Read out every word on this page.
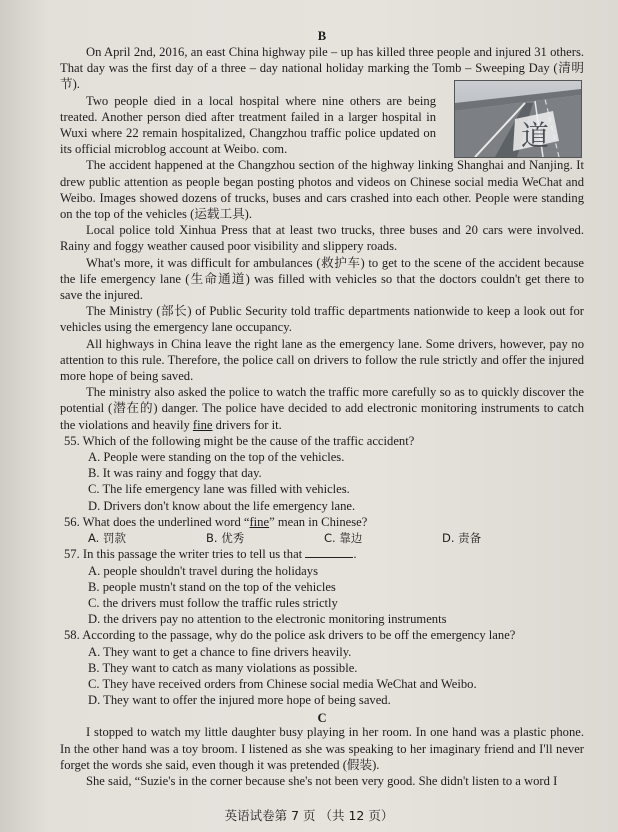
B

On April 2nd, 2016, an east China highway pile – up has killed three people and injured 31 others. That day was the first day of a three – day national holiday marking the Tomb – Sweeping Day (清明节).

Two people died in a local hospital where nine others are being treated. Another person died after treatment failed in a larger hospital in Wuxi where 22 remain hospitalized, Changzhou traffic police updated on its official microblog account at Weibo. com.

The accident happened at the Changzhou section of the highway linking Shanghai and Nanjing. It drew public attention as people began posting photos and videos on Chinese social media WeChat and Weibo. Images showed dozens of trucks, buses and cars crashed into each other. People were standing on the top of the vehicles (运载工具).

Local police told Xinhua Press that at least two trucks, three buses and 20 cars were involved. Rainy and foggy weather caused poor visibility and slippery roads.

What's more, it was difficult for ambulances (救护车) to get to the scene of the accident because the life emergency lane (生命通道) was filled with vehicles so that the doctors couldn't get there to save the injured.

The Ministry (部长) of Public Security told traffic departments nationwide to keep a look out for vehicles using the emergency lane occupancy.

All highways in China leave the right lane as the emergency lane. Some drivers, however, pay no attention to this rule. Therefore, the police call on drivers to follow the rule strictly and offer the injured more hope of being saved.

The ministry also asked the police to watch the traffic more carefully so as to quickly discover the potential (潜在的) danger. The police have decided to add electronic monitoring instruments to catch the violations and heavily fine drivers for it.

道
55. Which of the following might be the cause of the traffic accident?
A. People were standing on the top of the vehicles.
B. It was rainy and foggy that day.
C. The life emergency lane was filled with vehicles.
D. Drivers don't know about the life emergency lane.
56. What does the underlined word “fine” mean in Chinese?
A. 罚款	B. 优秀	C. 靠边	D. 责备
57. In this passage the writer tries to tell us that	.
A. people shouldn't travel during the holidays
B. people mustn't stand on the top of the vehicles
C. the drivers must follow the traffic rules strictly
D. the drivers pay no attention to the electronic monitoring instruments
58. According to the passage, why do the police ask drivers to be off the emergency lane?
A. They want to get a chance to fine drivers heavily.
B. They want to catch as many violations as possible.
C. They have received orders from Chinese social media WeChat and Weibo.
D. They want to offer the injured more hope of being saved.
C

I stopped to watch my little daughter busy playing in her room. In one hand was a plastic phone. In the other hand was a toy broom. I listened as she was speaking to her imaginary friend and I'll never forget the words she said, even though it was pretended (假装).

She said, “Suzie's in the corner because she's not been very good. She didn't listen to a word I

英语试卷第 7 页 （共 12 页）
